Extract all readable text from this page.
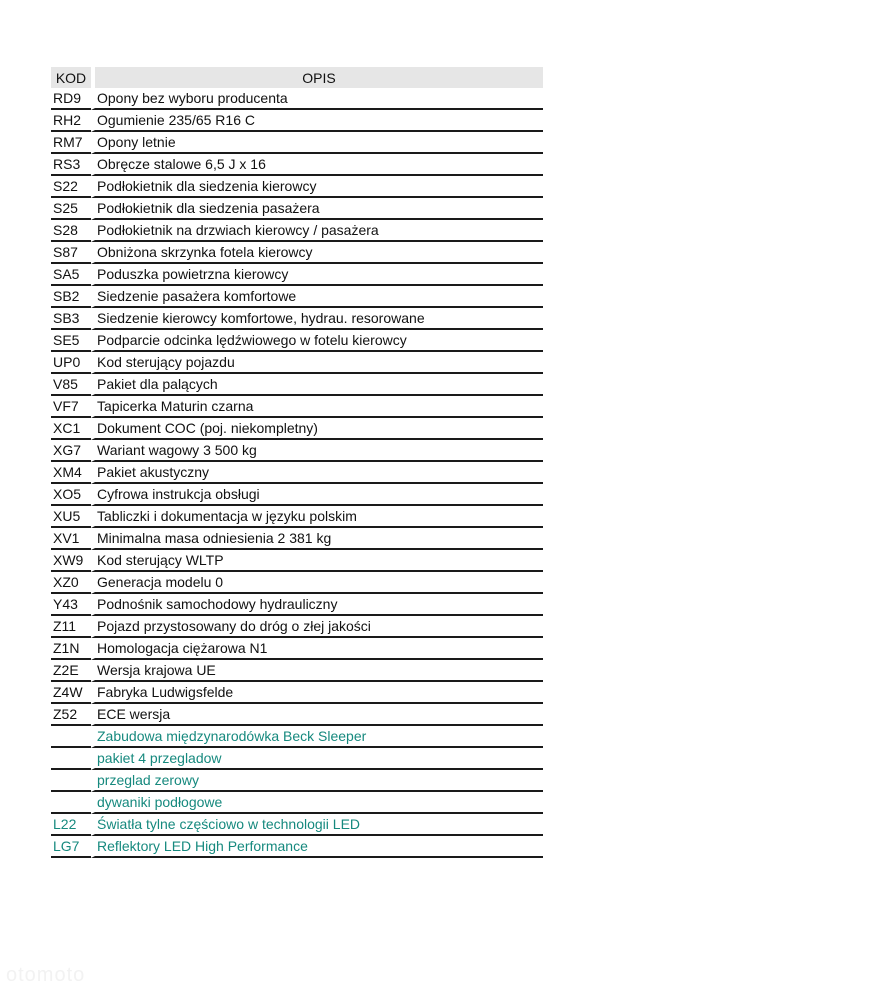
KOD	OPIS
RD9	Opony bez wyboru producenta
RH2	Ogumienie 235/65 R16 C
RM7	Opony letnie
RS3	Obręcze stalowe 6,5 J x 16
S22	Podłokietnik dla siedzenia kierowcy
S25	Podłokietnik dla siedzenia pasażera
S28	Podłokietnik na drzwiach kierowcy / pasażera
S87	Obniżona skrzynka fotela kierowcy
SA5	Poduszka powietrzna kierowcy
SB2	Siedzenie pasażera komfortowe
SB3	Siedzenie kierowcy komfortowe, hydrau. resorowane
SE5	Podparcie odcinka lędźwiowego w fotelu kierowcy
UP0	Kod sterujący pojazdu
V85	Pakiet dla palących
VF7	Tapicerka Maturin czarna
XC1	Dokument COC (poj. niekompletny)
XG7	Wariant wagowy 3 500 kg
XM4	Pakiet akustyczny
XO5	Cyfrowa instrukcja obsługi
XU5	Tabliczki i dokumentacja w języku polskim
XV1	Minimalna masa odniesienia 2 381 kg
XW9	Kod sterujący WLTP
XZ0	Generacja modelu 0
Y43	Podnośnik samochodowy hydrauliczny
Z11	Pojazd przystosowany do dróg o złej jakości
Z1N	Homologacja ciężarowa N1
Z2E	Wersja krajowa UE
Z4W	Fabryka Ludwigsfelde
Z52	ECE wersja
	Zabudowa międzynarodówka Beck Sleeper
	pakiet 4 przegladow
	przeglad zerowy
	dywaniki podłogowe
L22	Światła tylne częściowo w technologii LED
LG7	Reflektory LED High Performance
otomoto
